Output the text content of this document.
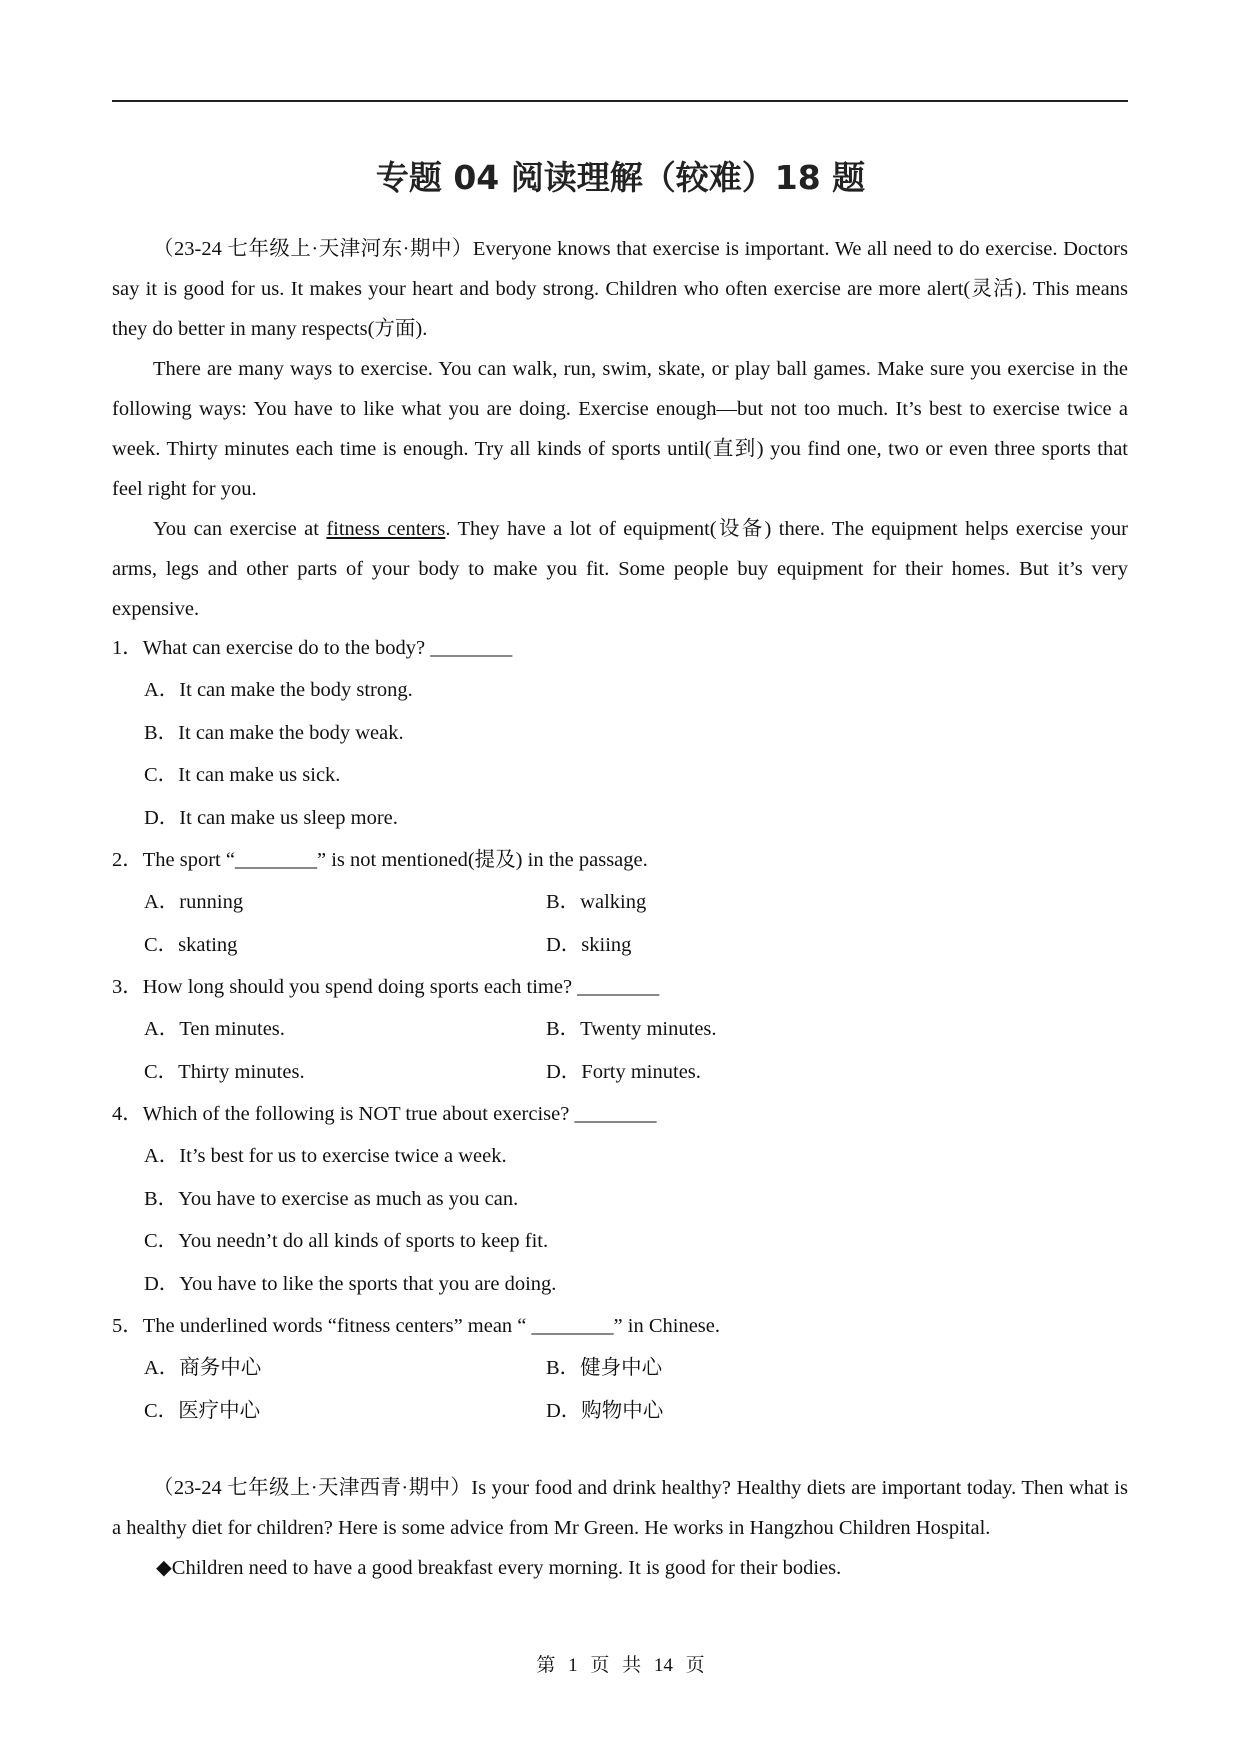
专题 04 阅读理解（较难）18 题

（23-24 七年级上·天津河东·期中）Everyone knows that exercise is important. We all need to do exercise. Doctors say it is good for us. It makes your heart and body strong. Children who often exercise are more alert(灵活). This means they do better in many respects(方面).

There are many ways to exercise. You can walk, run, swim, skate, or play ball games. Make sure you exercise in the following ways: You have to like what you are doing. Exercise enough—but not too much. It’s best to exercise twice a week. Thirty minutes each time is enough. Try all kinds of sports until(直到) you find one, two or even three sports that feel right for you.

You can exercise at fitness centers. They have a lot of equipment(设备) there. The equipment helps exercise your arms, legs and other parts of your body to make you fit. Some people buy equipment for their homes. But it’s very expensive.

1．What can exercise do to the body? ________

A．It can make the body strong.

B．It can make the body weak.

C．It can make us sick.

D．It can make us sleep more.

2．The sport “________” is not mentioned(提及) in the passage.

A．running	B．walking
C．skating	D．skiing

3．How long should you spend doing sports each time? ________

A．Ten minutes.	B．Twenty minutes.
C．Thirty minutes.	D．Forty minutes.

4．Which of the following is NOT true about exercise? ________

A．It’s best for us to exercise twice a week.

B．You have to exercise as much as you can.

C．You needn’t do all kinds of sports to keep fit.

D．You have to like the sports that you are doing.

5．The underlined words “fitness centers” mean “ ________” in Chinese.

A．商务中心	B．健身中心
C．医疗中心	D．购物中心

（23-24 七年级上·天津西青·期中）Is your food and drink healthy? Healthy diets are important today. Then what is a healthy diet for children? Here is some advice from Mr Green. He works in Hangzhou Children Hospital.

◆Children need to have a good breakfast every morning. It is good for their bodies.

第 1 页 共 14 页
